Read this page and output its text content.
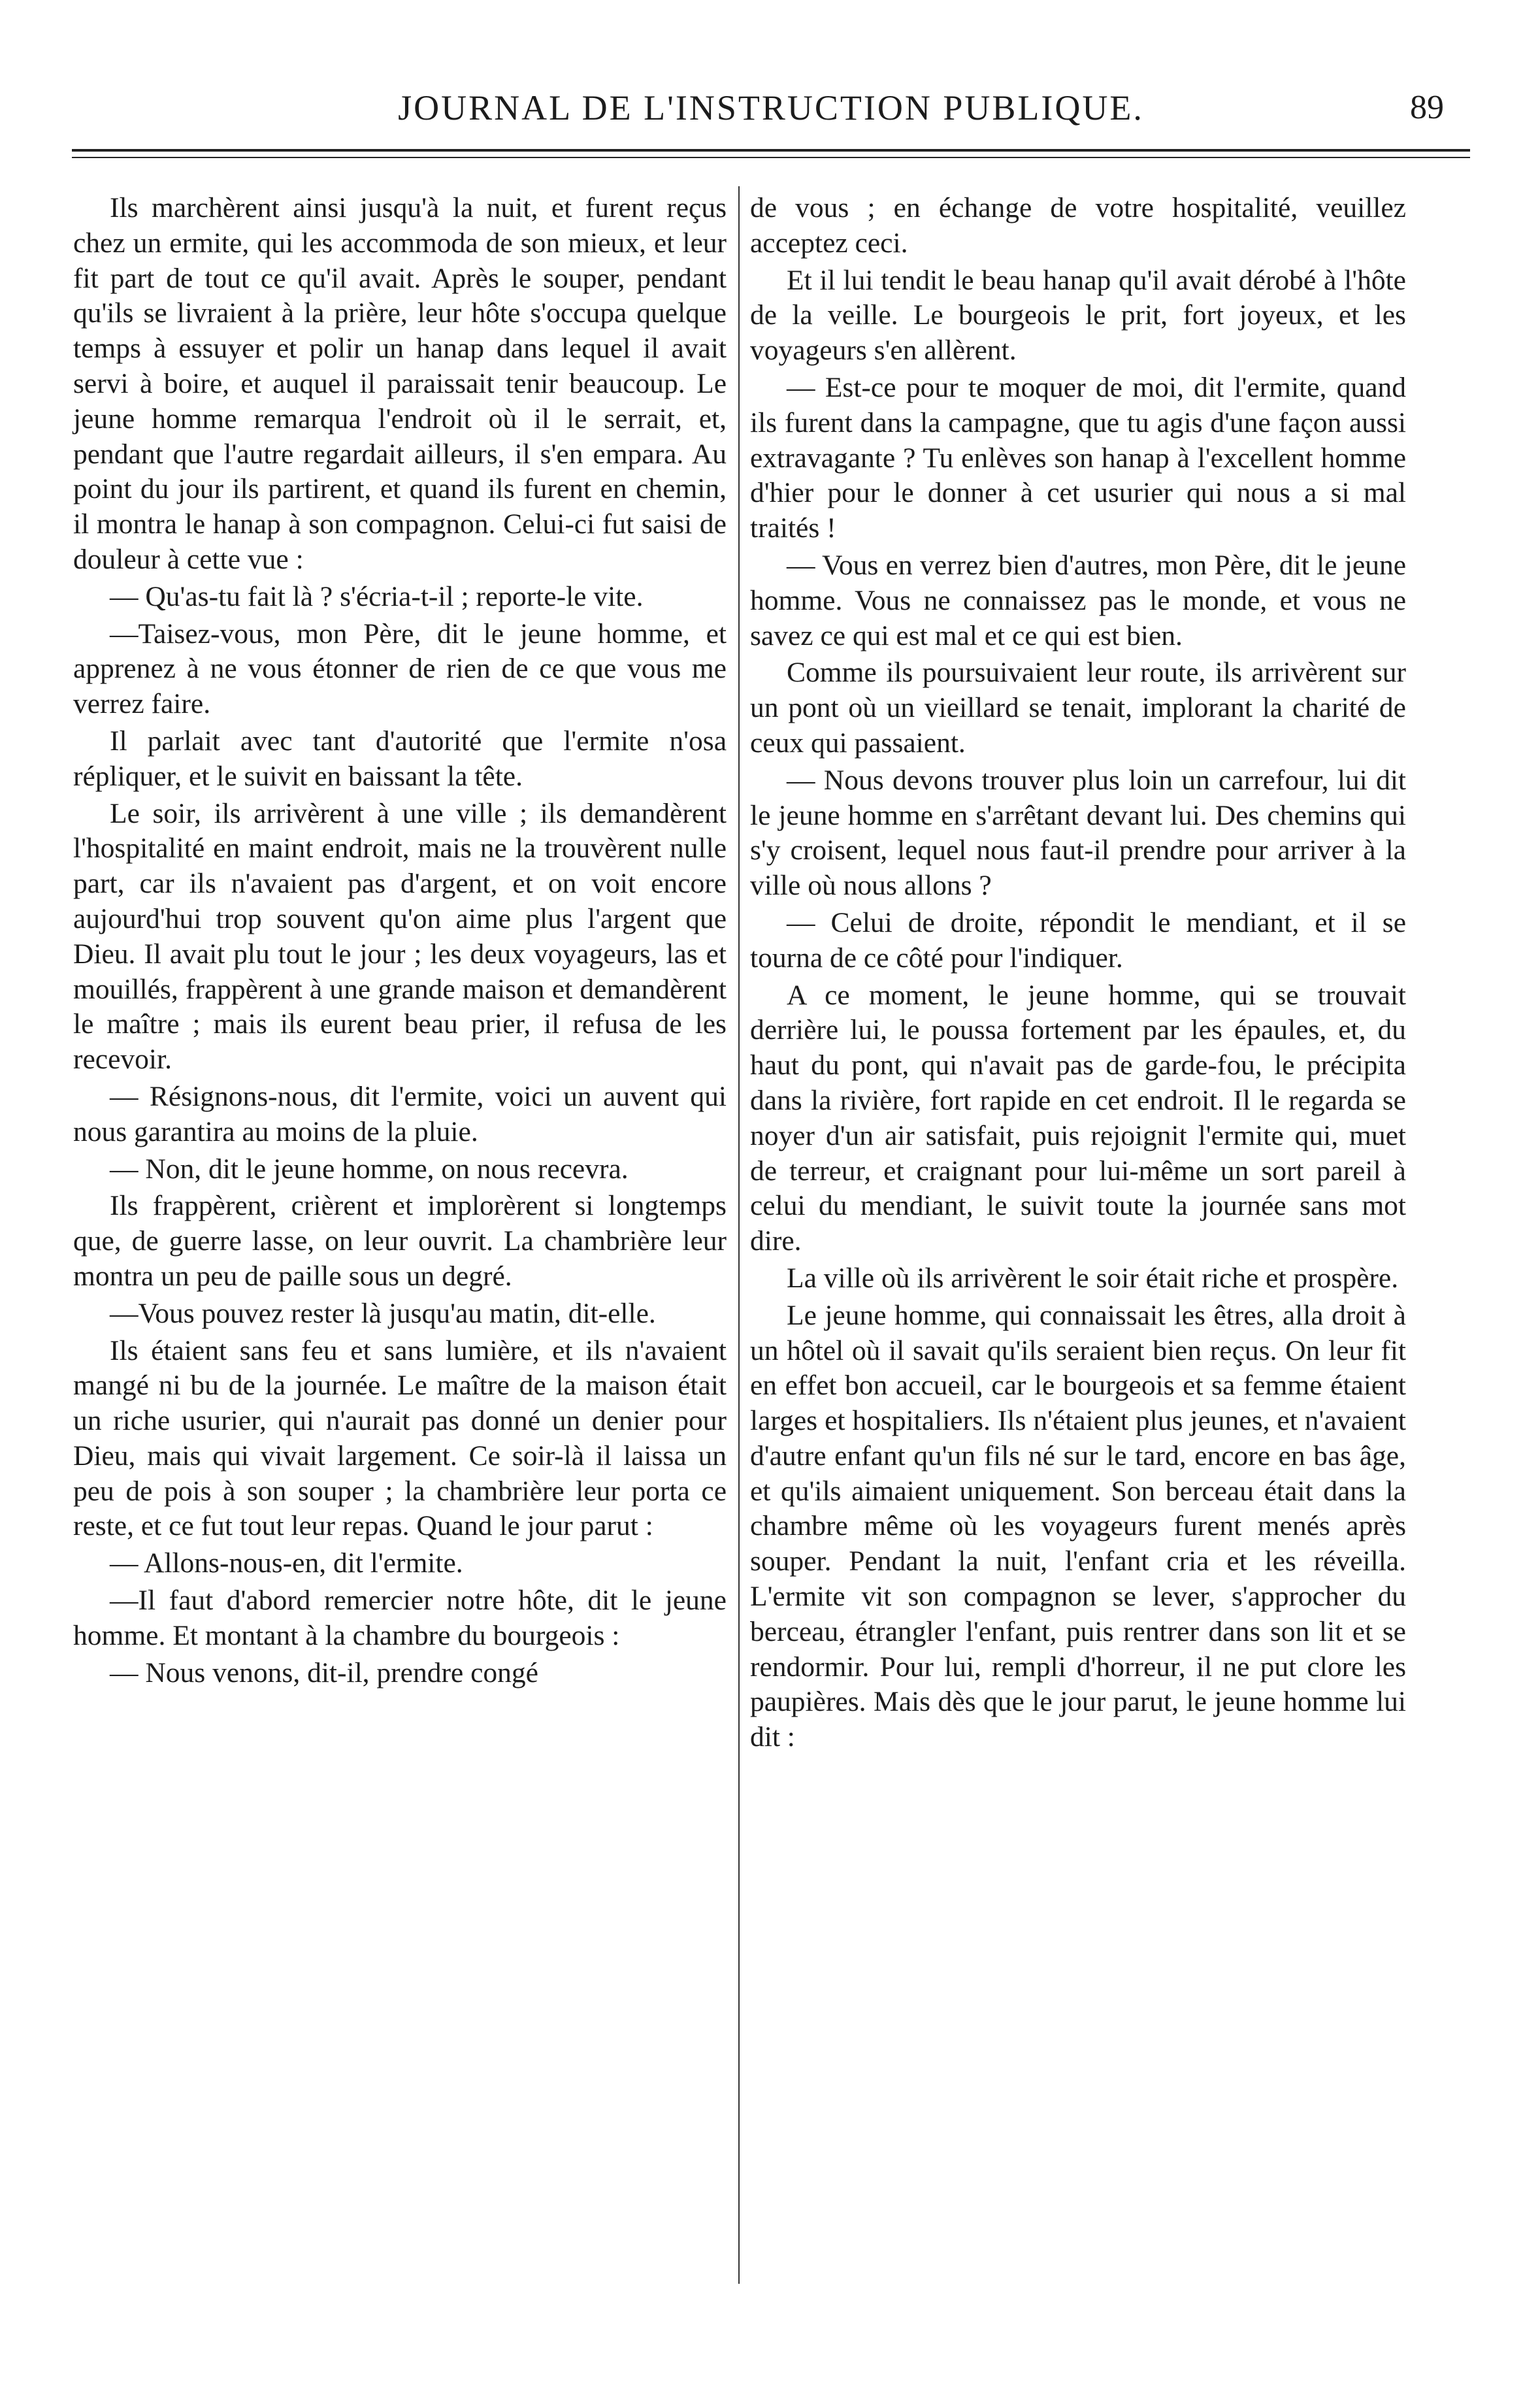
JOURNAL DE L'INSTRUCTION PUBLIQUE.	89

Ils marchèrent ainsi jusqu'à la nuit, et furent reçus chez un ermite, qui les accommoda de son mieux, et leur fit part de tout ce qu'il avait. Après le souper, pendant qu'ils se livraient à la prière, leur hôte s'occupa quelque temps à essuyer et polir un hanap dans lequel il avait servi à boire, et auquel il paraissait tenir beaucoup. Le jeune homme remarqua l'endroit où il le serrait, et, pendant que l'autre regardait ailleurs, il s'en empara. Au point du jour ils partirent, et quand ils furent en chemin, il montra le hanap à son compagnon. Celui-ci fut saisi de douleur à cette vue :

— Qu'as-tu fait là ? s'écria-t-il ; reporte-le vite.

—Taisez-vous, mon Père, dit le jeune homme, et apprenez à ne vous étonner de rien de ce que vous me verrez faire.

Il parlait avec tant d'autorité que l'ermite n'osa répliquer, et le suivit en baissant la tête.

Le soir, ils arrivèrent à une ville ; ils demandèrent l'hospitalité en maint endroit, mais ne la trouvèrent nulle part, car ils n'avaient pas d'argent, et on voit encore aujourd'hui trop souvent qu'on aime plus l'argent que Dieu. Il avait plu tout le jour ; les deux voyageurs, las et mouillés, frappèrent à une grande maison et demandèrent le maître ; mais ils eurent beau prier, il refusa de les recevoir.

— Résignons-nous, dit l'ermite, voici un auvent qui nous garantira au moins de la pluie.

— Non, dit le jeune homme, on nous recevra.

Ils frappèrent, crièrent et implorèrent si longtemps que, de guerre lasse, on leur ouvrit. La chambrière leur montra un peu de paille sous un degré.

—Vous pouvez rester là jusqu'au matin, dit-elle.

Ils étaient sans feu et sans lumière, et ils n'avaient mangé ni bu de la journée. Le maître de la maison était un riche usurier, qui n'aurait pas donné un denier pour Dieu, mais qui vivait largement. Ce soir-là il laissa un peu de pois à son souper ; la chambrière leur porta ce reste, et ce fut tout leur repas. Quand le jour parut :

— Allons-nous-en, dit l'ermite.

—Il faut d'abord remercier notre hôte, dit le jeune homme. Et montant à la chambre du bourgeois :

— Nous venons, dit-il, prendre congé

de vous ; en échange de votre hospitalité, veuillez acceptez ceci.

Et il lui tendit le beau hanap qu'il avait dérobé à l'hôte de la veille. Le bourgeois le prit, fort joyeux, et les voyageurs s'en allèrent.

— Est-ce pour te moquer de moi, dit l'ermite, quand ils furent dans la campagne, que tu agis d'une façon aussi extravagante ? Tu enlèves son hanap à l'excellent homme d'hier pour le donner à cet usurier qui nous a si mal traités !

— Vous en verrez bien d'autres, mon Père, dit le jeune homme. Vous ne connaissez pas le monde, et vous ne savez ce qui est mal et ce qui est bien.

Comme ils poursuivaient leur route, ils arrivèrent sur un pont où un vieillard se tenait, implorant la charité de ceux qui passaient.

— Nous devons trouver plus loin un carrefour, lui dit le jeune homme en s'arrêtant devant lui. Des chemins qui s'y croisent, lequel nous faut-il prendre pour arriver à la ville où nous allons ?

— Celui de droite, répondit le mendiant, et il se tourna de ce côté pour l'indiquer.

A ce moment, le jeune homme, qui se trouvait derrière lui, le poussa fortement par les épaules, et, du haut du pont, qui n'avait pas de garde-fou, le précipita dans la rivière, fort rapide en cet endroit. Il le regarda se noyer d'un air satisfait, puis rejoignit l'ermite qui, muet de terreur, et craignant pour lui-même un sort pareil à celui du mendiant, le suivit toute la journée sans mot dire.

La ville où ils arrivèrent le soir était riche et prospère.

Le jeune homme, qui connaissait les êtres, alla droit à un hôtel où il savait qu'ils seraient bien reçus. On leur fit en effet bon accueil, car le bourgeois et sa femme étaient larges et hospitaliers. Ils n'étaient plus jeunes, et n'avaient d'autre enfant qu'un fils né sur le tard, encore en bas âge, et qu'ils aimaient uniquement. Son berceau était dans la chambre même où les voyageurs furent menés après souper. Pendant la nuit, l'enfant cria et les réveilla. L'ermite vit son compagnon se lever, s'approcher du berceau, étrangler l'enfant, puis rentrer dans son lit et se rendormir. Pour lui, rempli d'horreur, il ne put clore les paupières. Mais dès que le jour parut, le jeune homme lui dit :
